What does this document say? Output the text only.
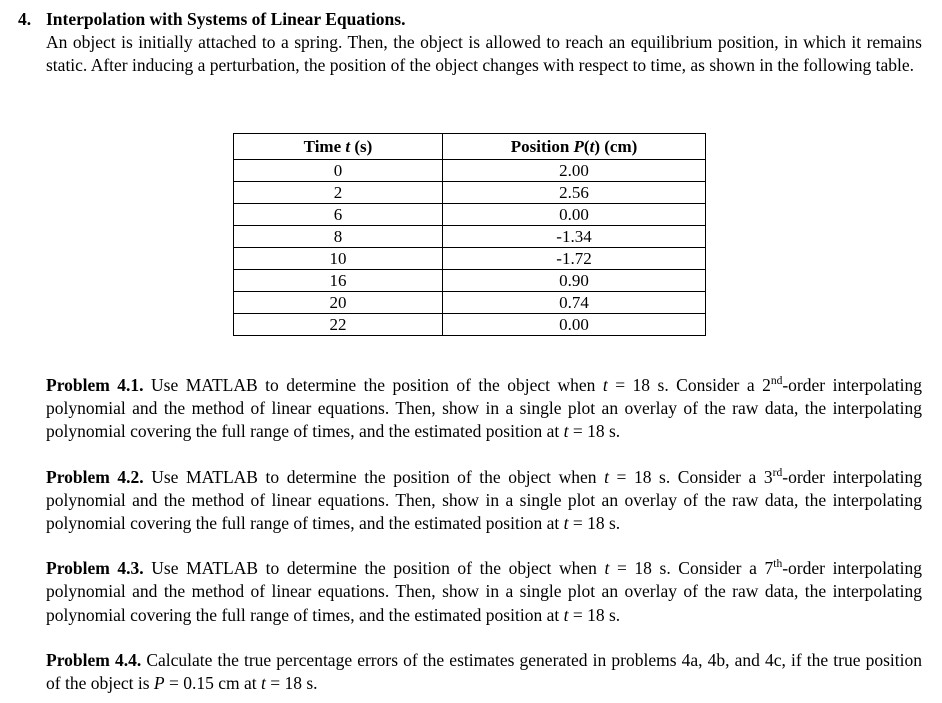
4. Interpolation with Systems of Linear Equations.

An object is initially attached to a spring. Then, the object is allowed to reach an equilibrium position, in which it remains static. After inducing a perturbation, the position of the object changes with respect to time, as shown in the following table.

Time t (s)	Position P(t) (cm)
0	2.00
2	2.56
6	0.00
8	-1.34
10	-1.72
16	0.90
20	0.74
22	0.00

Problem 4.1. Use MATLAB to determine the position of the object when t = 18 s. Consider a 2nd-order interpolating polynomial and the method of linear equations. Then, show in a single plot an overlay of the raw data, the interpolating polynomial covering the full range of times, and the estimated position at t = 18 s.

Problem 4.2. Use MATLAB to determine the position of the object when t = 18 s. Consider a 3rd-order interpolating polynomial and the method of linear equations. Then, show in a single plot an overlay of the raw data, the interpolating polynomial covering the full range of times, and the estimated position at t = 18 s.

Problem 4.3. Use MATLAB to determine the position of the object when t = 18 s. Consider a 7th-order interpolating polynomial and the method of linear equations. Then, show in a single plot an overlay of the raw data, the interpolating polynomial covering the full range of times, and the estimated position at t = 18 s.

Problem 4.4. Calculate the true percentage errors of the estimates generated in problems 4a, 4b, and 4c, if the true position of the object is P = 0.15 cm at t = 18 s.
